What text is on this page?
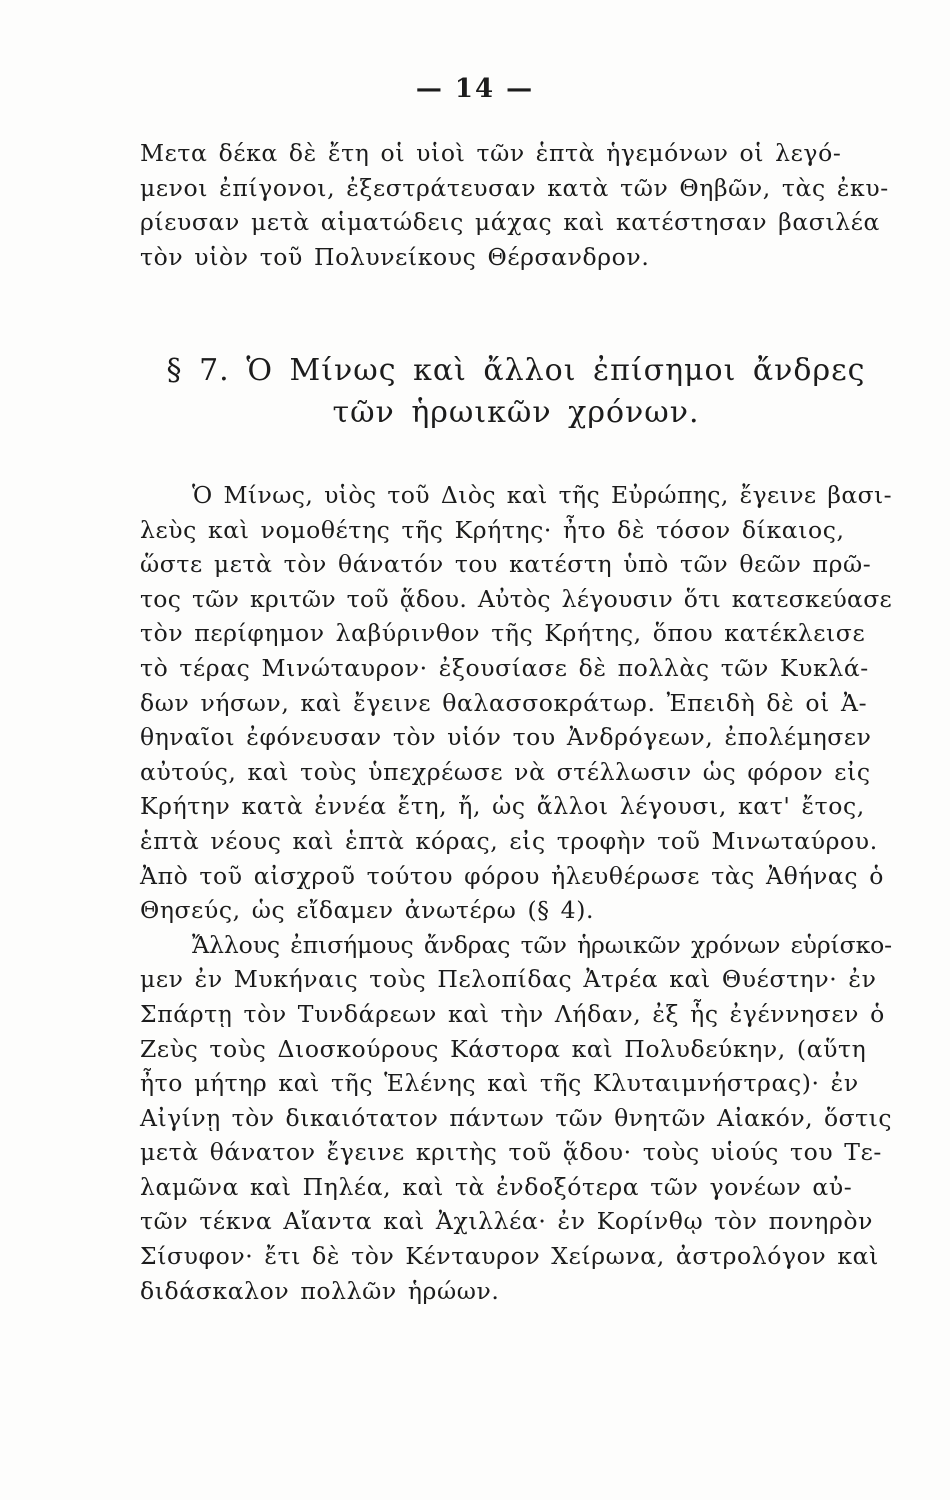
— 14 —
Μετα δέκα δὲ ἔτη οἱ υἱοὶ τῶν ἑπτὰ ἡγεμόνων οἱ λεγό-
μενοι ἐπίγονοι, ἐξεστράτευσαν κατὰ τῶν Θηβῶν, τὰς ἐκυ-
ρίευσαν μετὰ αἱματώδεις μάχας καὶ κατέστησαν βασιλέα
τὸν υἱὸν τοῦ Πολυνείκους Θέρσανδρον.
§ 7. Ὁ Μίνως καὶ ἄλλοι ἐπίσημοι ἄνδρες
τῶν ἡρωικῶν χρόνων.
Ὁ Μίνως, υἱὸς τοῦ Διὸς καὶ τῆς Εὐρώπης, ἔγεινε βασι-
λεὺς καὶ νομοθέτης τῆς Κρήτης· ἦτο δὲ τόσον δίκαιος,
ὥστε μετὰ τὸν θάνατόν του κατέστη ὑπὸ τῶν θεῶν πρῶ-
τος τῶν κριτῶν τοῦ ᾅδου. Αὐτὸς λέγουσιν ὅτι κατεσκεύασε
τὸν περίφημον λαβύρινθον τῆς Κρήτης, ὅπου κατέκλεισε
τὸ τέρας Μινώταυρον· ἐξουσίασε δὲ πολλὰς τῶν Κυκλά-
δων νήσων, καὶ ἔγεινε θαλασσοκράτωρ. Ἐπειδὴ δὲ οἱ Ἀ-
θηναῖοι ἐφόνευσαν τὸν υἱόν του Ἀνδρόγεων, ἐπολέμησεν
αὐτούς, καὶ τοὺς ὑπεχρέωσε νὰ στέλλωσιν ὡς φόρον εἰς
Κρήτην κατὰ ἐννέα ἔτη, ἤ, ὡς ἄλλοι λέγουσι, κατ' ἔτος,
ἑπτὰ νέους καὶ ἑπτὰ κόρας, εἰς τροφὴν τοῦ Μινωταύρου.
Ἀπὸ τοῦ αἰσχροῦ τούτου φόρου ἠλευθέρωσε τὰς Ἀθήνας ὁ
Θησεύς, ὡς εἴδαμεν ἀνωτέρω (§ 4).
Ἄλλους ἐπισήμους ἄνδρας τῶν ἡρωικῶν χρόνων εὑρίσκο-
μεν ἐν Μυκήναις τοὺς Πελοπίδας Ἀτρέα καὶ Θυέστην· ἐν
Σπάρτῃ τὸν Τυνδάρεων καὶ τὴν Λήδαν, ἐξ ἧς ἐγέννησεν ὁ
Ζεὺς τοὺς Διοσκούρους Κάστορα καὶ Πολυδεύκην, (αὕτη
ἦτο μήτηρ καὶ τῆς Ἑλένης καὶ τῆς Κλυταιμνήστρας)· ἐν
Αἰγίνῃ τὸν δικαιότατον πάντων τῶν θνητῶν Αἰακόν, ὅστις
μετὰ θάνατον ἔγεινε κριτὴς τοῦ ᾅδου· τοὺς υἱούς του Τε-
λαμῶνα καὶ Πηλέα, καὶ τὰ ἐνδοξότερα τῶν γονέων αὐ-
τῶν τέκνα Αἴαντα καὶ Ἀχιλλέα· ἐν Κορίνθῳ τὸν πονηρὸν
Σίσυφον· ἔτι δὲ τὸν Κένταυρον Χείρωνα, ἀστρολόγον καὶ
διδάσκαλον πολλῶν ἡρώων.
